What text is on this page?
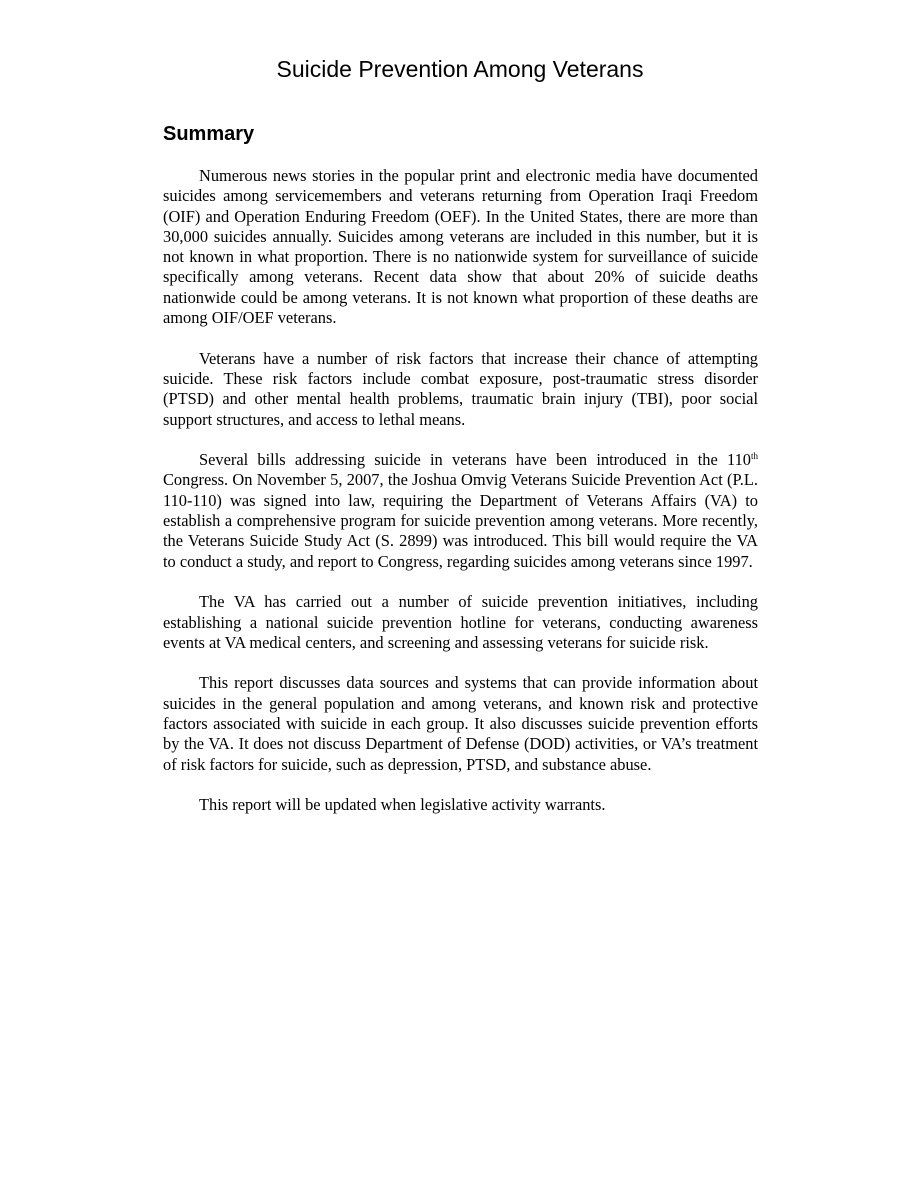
Suicide Prevention Among Veterans
Summary

Numerous news stories in the popular print and electronic media have documented suicides among servicemembers and veterans returning from Operation Iraqi Freedom (OIF) and Operation Enduring Freedom (OEF). In the United States, there are more than 30,000 suicides annually. Suicides among veterans are included in this number, but it is not known in what proportion. There is no nationwide system for surveillance of suicide specifically among veterans. Recent data show that about 20% of suicide deaths nationwide could be among veterans. It is not known what proportion of these deaths are among OIF/OEF veterans.

Veterans have a number of risk factors that increase their chance of attempting suicide. These risk factors include combat exposure, post-traumatic stress disorder (PTSD) and other mental health problems, traumatic brain injury (TBI), poor social support structures, and access to lethal means.

Several bills addressing suicide in veterans have been introduced in the 110th Congress. On November 5, 2007, the Joshua Omvig Veterans Suicide Prevention Act (P.L. 110-110) was signed into law, requiring the Department of Veterans Affairs (VA) to establish a comprehensive program for suicide prevention among veterans. More recently, the Veterans Suicide Study Act (S. 2899) was introduced. This bill would require the VA to conduct a study, and report to Congress, regarding suicides among veterans since 1997.

The VA has carried out a number of suicide prevention initiatives, including establishing a national suicide prevention hotline for veterans, conducting awareness events at VA medical centers, and screening and assessing veterans for suicide risk.

This report discusses data sources and systems that can provide information about suicides in the general population and among veterans, and known risk and protective factors associated with suicide in each group. It also discusses suicide prevention efforts by the VA. It does not discuss Department of Defense (DOD) activities, or VA’s treatment of risk factors for suicide, such as depression, PTSD, and substance abuse.

This report will be updated when legislative activity warrants.
